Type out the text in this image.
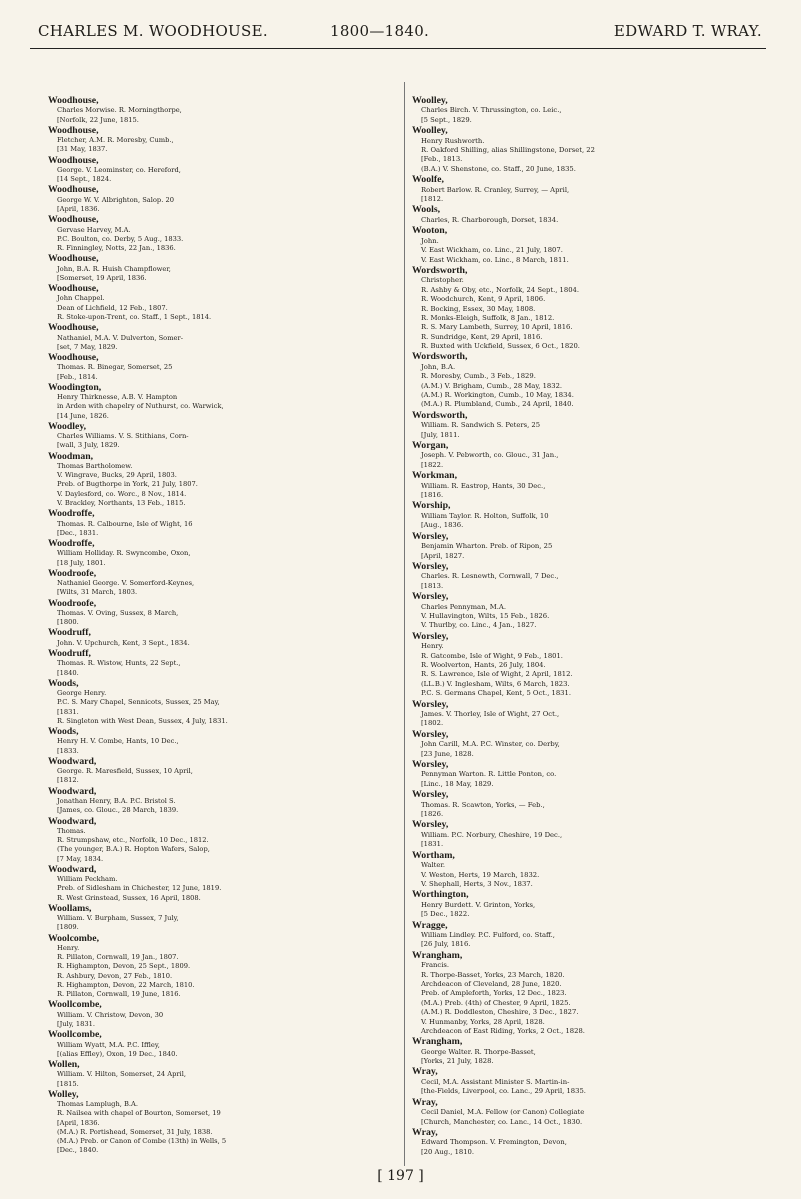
CHARLES M. WOODHOUSE.	1800—1840.	EDWARD T. WRAY.
Woodhouse,
Charles Morwise. R. Morningthorpe,
[Norfolk, 22 June, 1815.
Woodhouse,
Fletcher, A.M. R. Moresby, Cumb.,
[31 May, 1837.
Woodhouse,
George. V. Leominster, co. Hereford,
[14 Sept., 1824.
Woodhouse,
George W. V. Albrighton, Salop. 20
[April, 1836.
Woodhouse,
Gervase Harvey, M.A.
P.C. Boulton, co. Derby, 5 Aug., 1833.
R. Finningley, Notts, 22 Jan., 1836.
Woodhouse,
John, B.A. R. Huish Champflower,
[Somerset, 19 April, 1836.
Woodhouse,
John Chappel.
Dean of Lichfield, 12 Feb., 1807.
R. Stoke-upon-Trent, co. Staff., 1 Sept., 1814.
Woodhouse,
Nathaniel, M.A. V. Dulverton, Somer-
[set, 7 May, 1829.
Woodhouse,
Thomas. R. Binegar, Somerset, 25
[Feb., 1814.
Woodington,
Henry Thirknesse, A.B. V. Hampton
in Arden with chapelry of Nuthurst, co. Warwick,
[14 June, 1826.
Woodley,
Charles Williams. V. S. Stithians, Corn-
[wall, 3 July, 1829.
Woodman,
Thomas Bartholomew.
V. Wingrave, Bucks, 29 April, 1803.
Preb. of Bugthorpe in York, 21 July, 1807.
V. Daylesford, co. Worc., 8 Nov., 1814.
V. Brackley, Northants, 13 Feb., 1815.
Woodroffe,
Thomas. R. Calbourne, Isle of Wight, 16
[Dec., 1831.
Woodroffe,
William Holliday. R. Swyncombe, Oxon,
[18 July, 1801.
Woodroofe,
Nathaniel George. V. Somerford-Keynes,
[Wilts, 31 March, 1803.
Woodroofe,
Thomas. V. Oving, Sussex, 8 March,
[1800.
Woodruff,
John. V. Upchurch, Kent, 3 Sept., 1834.
Woodruff,
Thomas. R. Wistow, Hunts, 22 Sept.,
[1840.
Woods,
George Henry.
P.C. S. Mary Chapel, Sennicots, Sussex, 25 May,
[1831.
R. Singleton with West Dean, Sussex, 4 July, 1831.
Woods,
Henry H. V. Combe, Hants, 10 Dec.,
[1833.
Woodward,
George. R. Maresfield, Sussex, 10 April,
[1812.
Woodward,
Jonathan Henry, B.A. P.C. Bristol S.
[James, co. Glouc., 28 March, 1839.
Woodward,
Thomas.
R. Strumpshaw, etc., Norfolk, 10 Dec., 1812.
(The younger, B.A.) R. Hopton Wafers, Salop,
[7 May, 1834.
Woodward,
William Peckham.
Preb. of Sidlesham in Chichester, 12 June, 1819.
R. West Grinstead, Sussex, 16 April, 1808.
Woollams,
William. V. Burpham, Sussex, 7 July,
[1809.
Woolcombe,
Henry.
R. Pillaton, Cornwall, 19 Jan., 1807.
R. Highampton, Devon, 25 Sept., 1809.
R. Ashbury, Devon, 27 Feb., 1810.
R. Highampton, Devon, 22 March, 1810.
R. Pillaton, Cornwall, 19 June, 1816.
Woollcombe,
William. V. Christow, Devon, 30
[July, 1831.
Woollcombe,
William Wyatt, M.A. P.C. Iffley,
[(alias Effley), Oxon, 19 Dec., 1840.
Wollen,
William. V. Hilton, Somerset, 24 April,
[1815.
Wolley,
Thomas Lamplugh, B.A.
R. Nailsea with chapel of Bourton, Somerset, 19
[April, 1836.
(M.A.) R. Portishead, Somerset, 31 July, 1838.
(M.A.) Preb. or Canon of Combe (13th) in Wells, 5
[Dec., 1840.
Woolley,
Charles Birch. V. Thrussington, co. Leic.,
[5 Sept., 1829.
Woolley,
Henry Rushworth.
R. Oakford Shilling, alias Shillingstone, Dorset, 22
[Feb., 1813.
(B.A.) V. Shenstone, co. Staff., 20 June, 1835.
Woolfe,
Robert Barlow. R. Cranley, Surrey, — April,
[1812.
Wools,
Charles, R. Charborough, Dorset, 1834.
Wooton,
John.
V. East Wickham, co. Linc., 21 July, 1807.
V. East Wickham, co. Linc., 8 March, 1811.
Wordsworth,
Christopher.
R. Ashby & Oby, etc., Norfolk, 24 Sept., 1804.
R. Woodchurch, Kent, 9 April, 1806.
R. Bocking, Essex, 30 May, 1808.
R. Monks-Eleigh, Suffolk, 8 Jan., 1812.
R. S. Mary Lambeth, Surrey, 10 April, 1816.
R. Sundridge, Kent, 29 April, 1816.
R. Buxted with Uckfield, Sussex, 6 Oct., 1820.
Wordsworth,
John, B.A.
R. Moresby, Cumb., 3 Feb., 1829.
(A.M.) V. Brigham, Cumb., 28 May, 1832.
(A.M.) R. Workington, Cumb., 10 May, 1834.
(M.A.) R. Plumbland, Cumb., 24 April, 1840.
Wordsworth,
William. R. Sandwich S. Peters, 25
[July, 1811.
Worgan,
Joseph. V. Pebworth, co. Glouc., 31 Jan.,
[1822.
Workman,
William. R. Eastrop, Hants, 30 Dec.,
[1816.
Worship,
William Taylor. R. Holton, Suffolk, 10
[Aug., 1836.
Worsley,
Benjamin Wharton. Preb. of Ripon, 25
[April, 1827.
Worsley,
Charles. R. Lesnewth, Cornwall, 7 Dec.,
[1813.
Worsley,
Charles Pennyman, M.A.
V. Hullavington, Wilts, 15 Feb., 1826.
V. Thurlby, co. Linc., 4 Jan., 1827.
Worsley,
Henry.
R. Gatcombe, Isle of Wight, 9 Feb., 1801.
R. Woolverton, Hants, 26 July, 1804.
R. S. Lawrence, Isle of Wight, 2 April, 1812.
(LL.B.) V. Inglesham, Wilts, 6 March, 1823.
P.C. S. Germans Chapel, Kent, 5 Oct., 1831.
Worsley,
James. V. Thorley, Isle of Wight, 27 Oct.,
[1802.
Worsley,
John Carill, M.A. P.C. Winster, co. Derby,
[23 June, 1828.
Worsley,
Pennyman Warton. R. Little Ponton, co.
[Linc., 18 May, 1829.
Worsley,
Thomas. R. Scawton, Yorks, — Feb.,
[1826.
Worsley,
William. P.C. Norbury, Cheshire, 19 Dec.,
[1831.
Wortham,
Walter.
V. Weston, Herts, 19 March, 1832.
V. Shephall, Herts, 3 Nov., 1837.
Worthington,
Henry Burdett. V. Grinton, Yorks,
[5 Dec., 1822.
Wragge,
William Lindley. P.C. Fulford, co. Staff.,
[26 July, 1816.
Wrangham,
Francis.
R. Thorpe-Basset, Yorks, 23 March, 1820.
Archdeacon of Cleveland, 28 June, 1820.
Preb. of Ampleforth, Yorks, 12 Dec., 1823.
(M.A.) Preb. (4th) of Chester, 9 April, 1825.
(A.M.) R. Doddleston, Cheshire, 3 Dec., 1827.
V. Hunmanby, Yorks, 28 April, 1828.
Archdeacon of East Riding, Yorks, 2 Oct., 1828.
Wrangham,
George Walter. R. Thorpe-Basset,
[Yorks, 21 July, 1828.
Wray,
Cecil, M.A. Assistant Minister S. Martin-in-
[the-Fields, Liverpool, co. Lanc., 29 April, 1835.
Wray,
Cecil Daniel, M.A. Fellow (or Canon) Collegiate
[Church, Manchester, co. Lanc., 14 Oct., 1830.
Wray,
Edward Thompson. V. Fremington, Devon,
[20 Aug., 1810.
[ 197 ]
